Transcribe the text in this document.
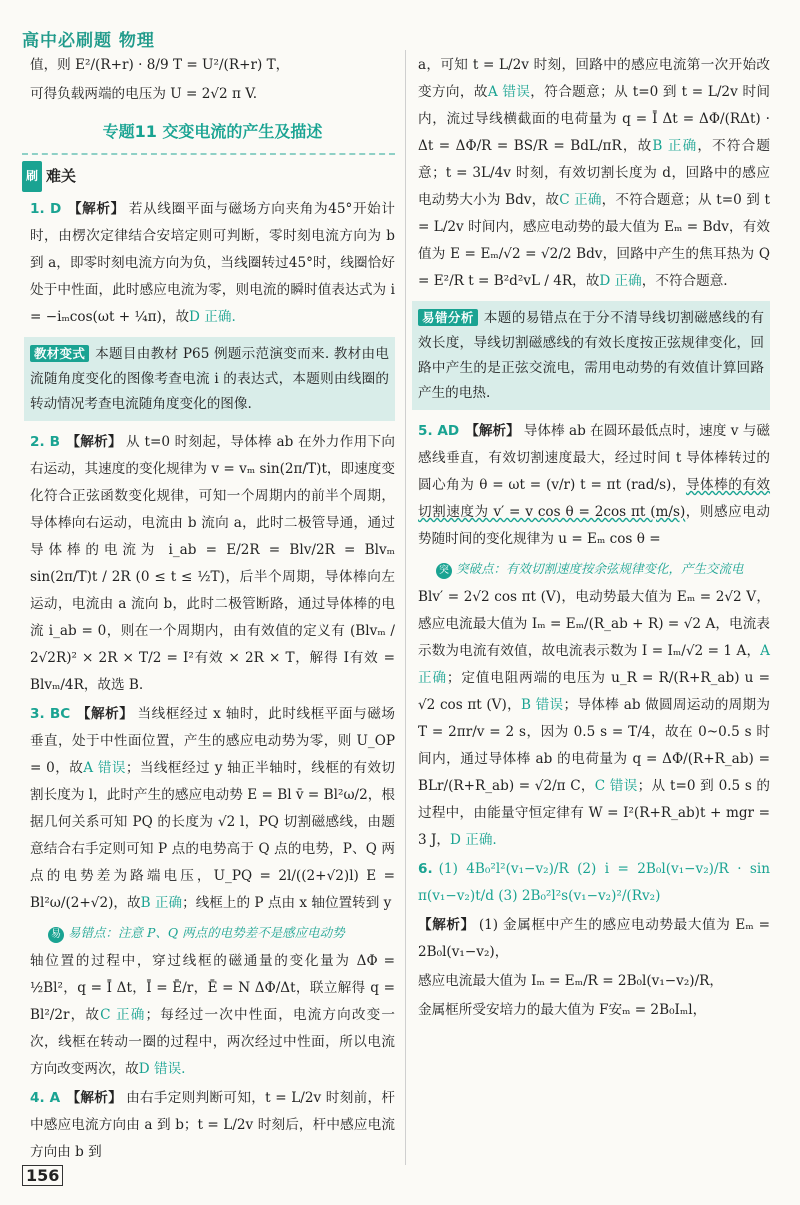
高中必刷题 物理

值，则 E²/(R+r) · 8/9 T = U²/(R+r) T，

可得负载两端的电压为 U = 2√2 π V.

专题11 交变电流的产生及描述
刷 难关

1. D 【解析】 若从线圈平面与磁场方向夹角为45°开始计时，由楞次定律结合安培定则可判断，零时刻电流方向为 b 到 a，即零时刻电流方向为负，当线圈转过45°时，线圈恰好处于中性面，此时感应电流为零，则电流的瞬时值表达式为 i = −iₘcos(ωt + ¼π)，故D 正确.

教材变式 本题目由教材 P65 例题示范演变而来. 教材由电流随角度变化的图像考查电流 i 的表达式，本题则由线圈的转动情况考查电流随角度变化的图像.

2. B 【解析】 从 t=0 时刻起，导体棒 ab 在外力作用下向右运动，其速度的变化规律为 v = vₘ sin(2π/T)t，即速度变化符合正弦函数变化规律，可知一个周期内的前半个周期，导体棒向右运动，电流由 b 流向 a，此时二极管导通，通过导体棒的电流为 i_ab = E/2R = Blv/2R = Blvₘ sin(2π/T)t / 2R (0 ≤ t ≤ ½T)，后半个周期，导体棒向左运动，电流由 a 流向 b，此时二极管断路，通过导体棒的电流 i_ab = 0，则在一个周期内，由有效值的定义有 (Blvₘ / 2√2R)² × 2R × T/2 = I²有效 × 2R × T，解得 I有效 = Blvₘ/4R，故选 B.

3. BC 【解析】 当线框经过 x 轴时，此时线框平面与磁场垂直，处于中性面位置，产生的感应电动势为零，则 U_OP = 0，故A 错误；当线框经过 y 轴正半轴时，线框的有效切割长度为 l，此时产生的感应电动势 E = Bl v̄ = Bl²ω/2，根据几何关系可知 PQ 的长度为 √2 l，PQ 切割磁感线，由题意结合右手定则可知 P 点的电势高于 Q 点的电势，P、Q 两点的电势差为路端电压，U_PQ = 2l/((2+√2)l) E = Bl²ω/(2+√2)，故B 正确；线框上的 P 点由 x 轴位置转到 y

易 易错点：注意 P、Q 两点的电势差不是感应电动势

轴位置的过程中，穿过线框的磁通量的变化量为 ΔΦ = ½Bl²，q = Ī Δt，Ī = Ē/r，Ē = N ΔΦ/Δt，联立解得 q = Bl²/2r，故C 正确；每经过一次中性面，电流方向改变一次，线框在转动一圈的过程中，两次经过中性面，所以电流方向改变两次，故D 错误.

4. A 【解析】 由右手定则判断可知，t = L/2v 时刻前，杆中感应电流方向由 a 到 b；t = L/2v 时刻后，杆中感应电流方向由 b 到

a，可知 t = L/2v 时刻，回路中的感应电流第一次开始改变方向，故A 错误，符合题意；从 t=0 到 t = L/2v 时间内，流过导线横截面的电荷量为 q = Ī Δt = ΔΦ/(RΔt) · Δt = ΔΦ/R = BS/R = BdL/πR，故B 正确，不符合题意；t = 3L/4v 时刻，有效切割长度为 d，回路中的感应电动势大小为 Bdv，故C 正确，不符合题意；从 t=0 到 t = L/2v 时间内，感应电动势的最大值为 Eₘ = Bdv，有效值为 E = Eₘ/√2 = √2/2 Bdv，回路中产生的焦耳热为 Q = E²/R t = B²d²vL / 4R，故D 正确，不符合题意.

易错分析 本题的易错点在于分不清导线切割磁感线的有效长度，导线切割磁感线的有效长度按正弦规律变化，回路中产生的是正弦交流电，需用电动势的有效值计算回路产生的电热.

5. AD 【解析】 导体棒 ab 在圆环最低点时，速度 v 与磁感线垂直，有效切割速度最大，经过时间 t 导体棒转过的圆心角为 θ = ωt = (v/r) t = πt (rad/s)，导体棒的有效切割速度为 v′ = v cos θ = 2cos πt (m/s)，则感应电动势随时间的变化规律为 u = Eₘ cos θ =

突 突破点：有效切割速度按余弦规律变化，产生交流电

Blv′ = 2√2 cos πt (V)，电动势最大值为 Eₘ = 2√2 V，感应电流最大值为 Iₘ = Eₘ/(R_ab + R) = √2 A，电流表示数为电流有效值，故电流表示数为 I = Iₘ/√2 = 1 A，A 正确；定值电阻两端的电压为 u_R = R/(R+R_ab) u = √2 cos πt (V)，B 错误；导体棒 ab 做圆周运动的周期为 T = 2πr/v = 2 s，因为 0.5 s = T/4，故在 0~0.5 s 时间内，通过导体棒 ab 的电荷量为 q = ΔΦ/(R+R_ab) = BLr/(R+R_ab) = √2/π C，C 错误；从 t=0 到 0.5 s 的过程中，由能量守恒定律有 W = I²(R+R_ab)t + mgr = 3 J，D 正确.

6. (1) 4B₀²l²(v₁−v₂)/R (2) i = 2B₀l(v₁−v₂)/R · sin π(v₁−v₂)t/d (3) 2B₀²l²s(v₁−v₂)²/(Rv₂)

【解析】 (1) 金属框中产生的感应电动势最大值为 Eₘ = 2B₀l(v₁−v₂)，

感应电流最大值为 Iₘ = Eₘ/R = 2B₀l(v₁−v₂)/R，

金属框所受安培力的最大值为 F安ₘ = 2B₀Iₘl，

156
